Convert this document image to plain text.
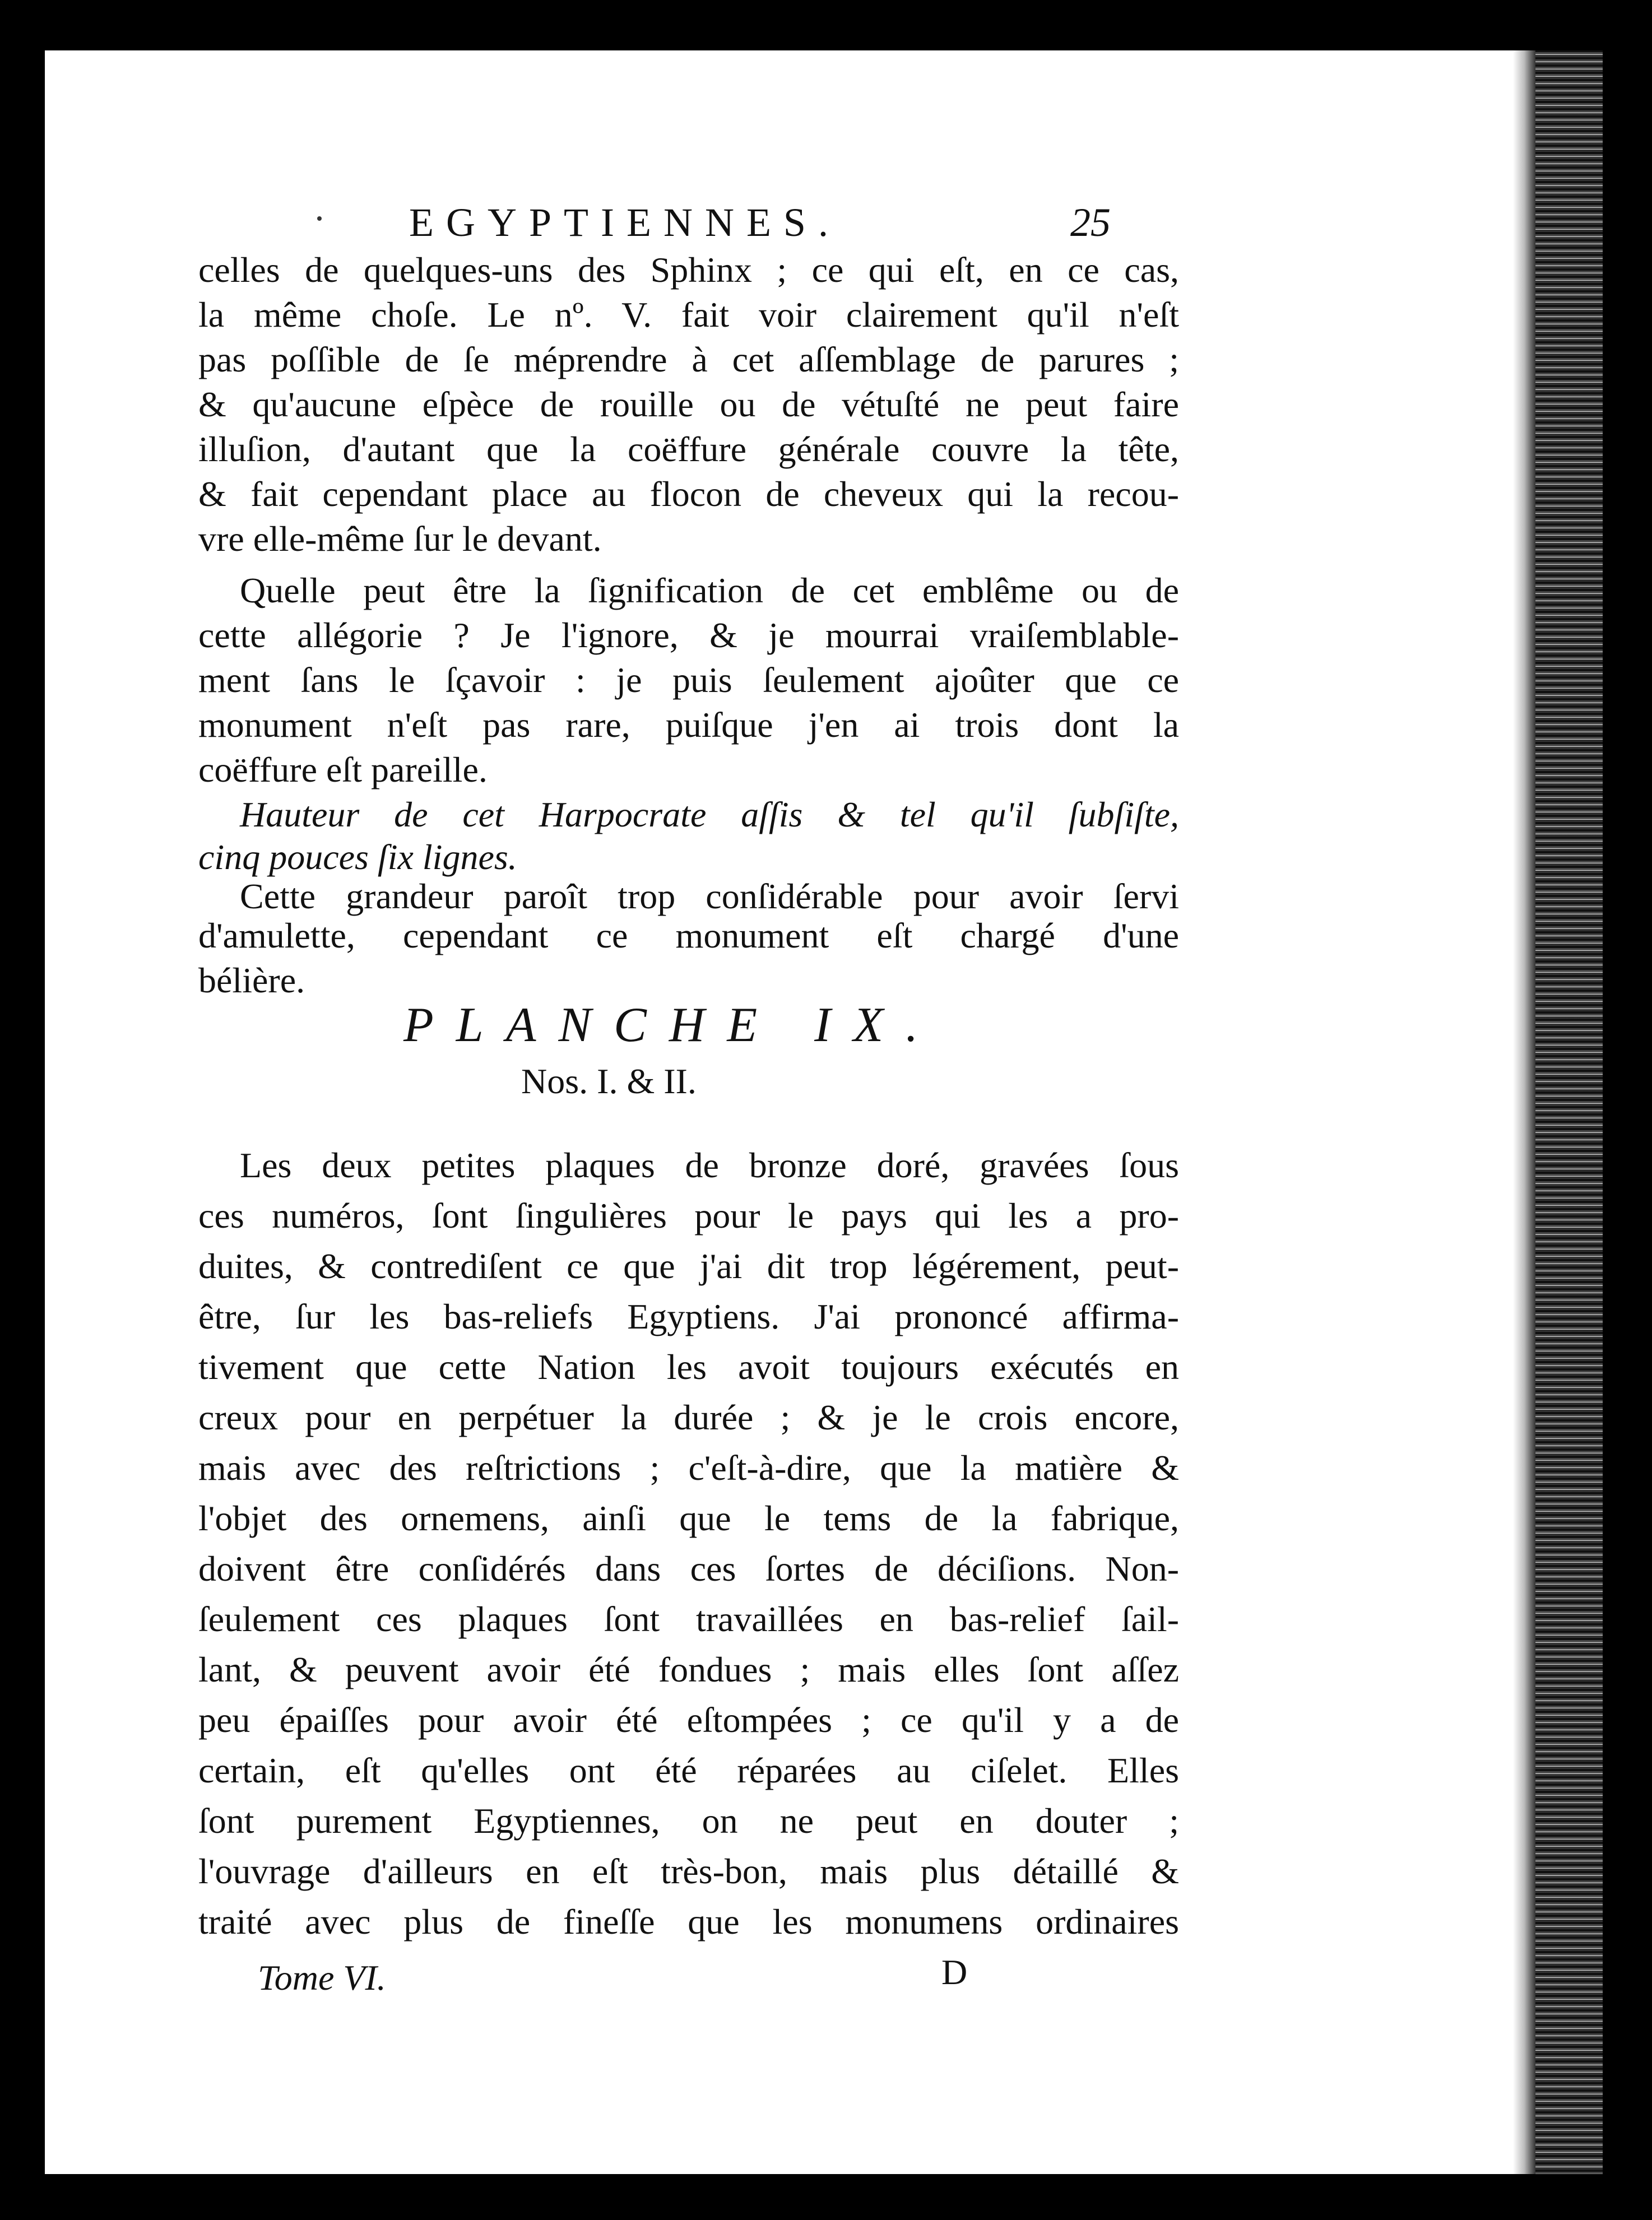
EGYPTIENNES.	25
celles de quelques-uns des Sphinx ; ce qui eſt, en ce cas,
la même choſe. Le nº. V. fait voir clairement qu'il n'eſt
pas poſſible de ſe méprendre à cet aſſemblage de parures ;
& qu'aucune eſpèce de rouille ou de vétuſté ne peut faire
illuſion, d'autant que la coëffure générale couvre la tête,
& fait cependant place au flocon de cheveux qui la recou-
vre elle-même ſur le devant.
Quelle peut être la ſignification de cet emblême ou de
cette allégorie ? Je l'ignore, & je mourrai vraiſemblable-
ment ſans le ſçavoir : je puis ſeulement ajoûter que ce
monument n'eſt pas rare, puiſque j'en ai trois dont la
coëffure eſt pareille.
Hauteur de cet Harpocrate aſſis & tel qu'il ſubſiſte,
cinq pouces ſix lignes.
Cette grandeur paroît trop conſidérable pour avoir ſervi
d'amulette, cependant ce monument eſt chargé d'une
bélière.
PLANCHE IX.
Nos. I. & II.
Les deux petites plaques de bronze doré, gravées ſous
ces numéros, ſont ſingulières pour le pays qui les a pro-
duites, & contrediſent ce que j'ai dit trop légérement, peut-
être, ſur les bas-reliefs Egyptiens. J'ai prononcé affirma-
tivement que cette Nation les avoit toujours exécutés en
creux pour en perpétuer la durée ; & je le crois encore,
mais avec des reſtrictions ; c'eſt-à-dire, que la matière &
l'objet des ornemens, ainſi que le tems de la fabrique,
doivent être conſidérés dans ces ſortes de déciſions. Non-
ſeulement ces plaques ſont travaillées en bas-relief ſail-
lant, & peuvent avoir été fondues ; mais elles ſont aſſez
peu épaiſſes pour avoir été eſtompées ; ce qu'il y a de
certain, eſt qu'elles ont été réparées au ciſelet. Elles
ſont purement Egyptiennes, on ne peut en douter ;
l'ouvrage d'ailleurs en eſt très-bon, mais plus détaillé &
traité avec plus de fineſſe que les monumens ordinaires
Tome VI.	D
